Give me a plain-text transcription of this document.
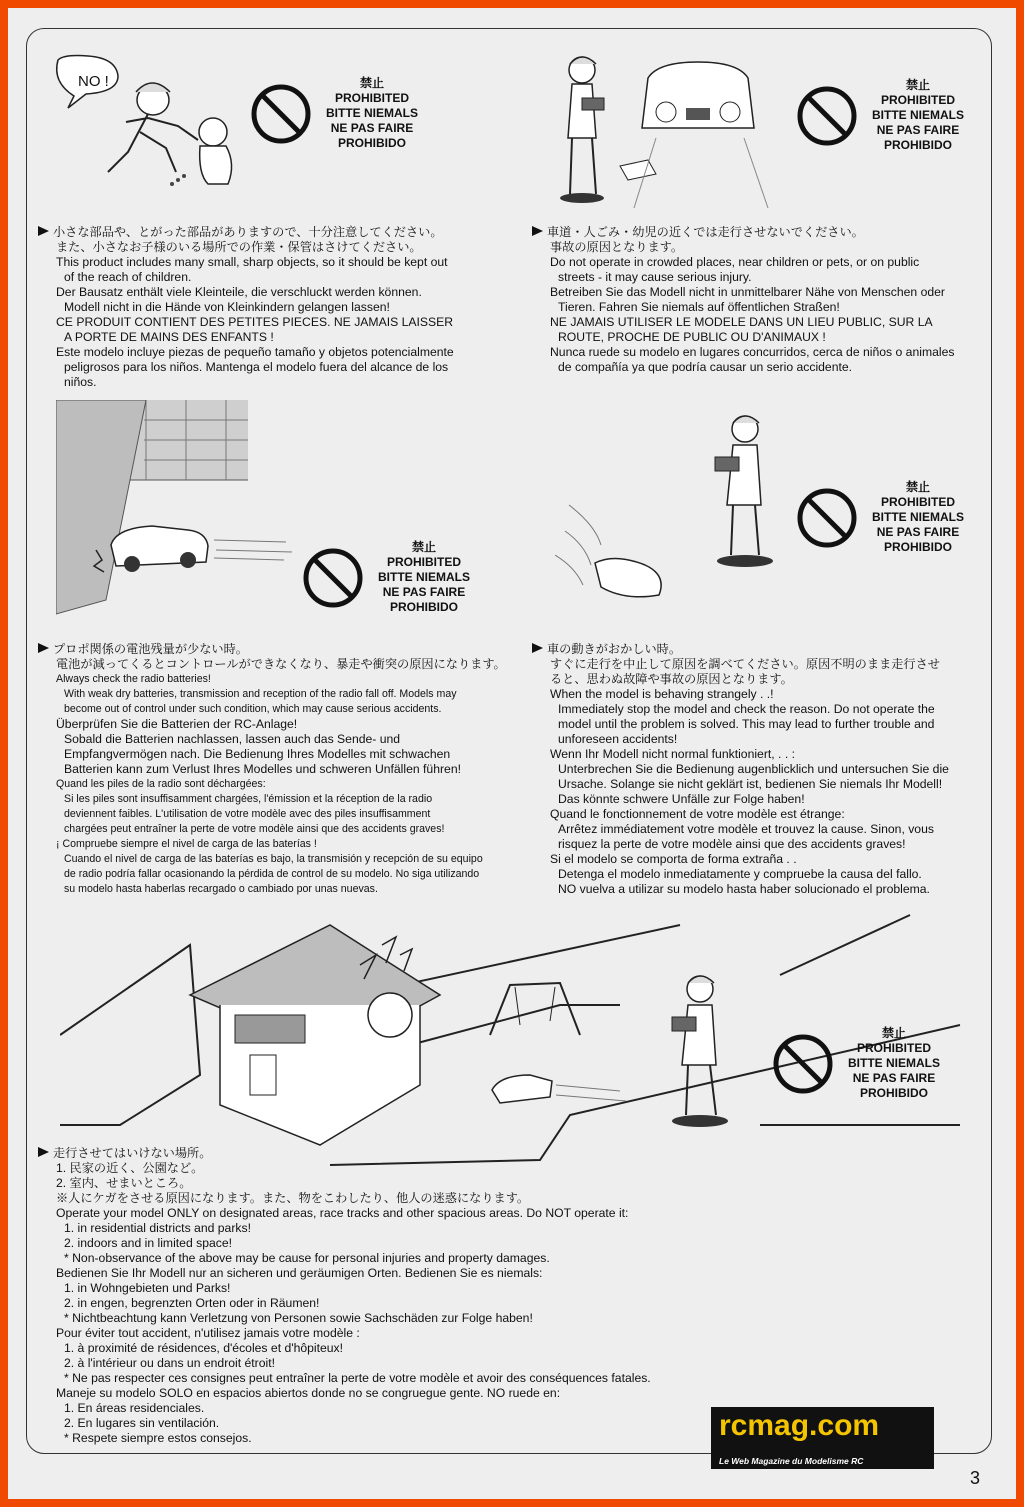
NO !	禁止
PROHIBITED
BITTE NIEMALS
NE PAS FAIRE
PROHIBIDO
禁止
PROHIBITED
BITTE NIEMALS
NE PAS FAIRE
PROHIBIDO

小さな部品や、とがった部品がありますので、十分注意してください。

また、小さなお子様のいる場所での作業・保管はさけてください。

This product includes many small, sharp objects, so it should be kept out

of the reach of children.

Der Bausatz enthält viele Kleinteile, die verschluckt werden können.

Modell nicht in die Hände von Kleinkindern gelangen lassen!

CE PRODUIT CONTIENT DES PETITES PIECES. NE JAMAIS LAISSER

A PORTE DE MAINS DES ENFANTS !

Este modelo incluye piezas de pequeño tamaño y objetos potencialmente

peligrosos para los niños. Mantenga el modelo fuera del alcance de los

niños.

車道・人ごみ・幼児の近くでは走行させないでください。

事故の原因となります。

Do not operate in crowded places, near children or pets, or on public

streets - it may cause serious injury.

Betreiben Sie das Modell nicht in unmittelbarer Nähe von Menschen oder

Tieren. Fahren Sie niemals auf öffentlichen Straßen!

NE JAMAIS UTILISER LE MODELE DANS UN LIEU PUBLIC, SUR LA

ROUTE, PROCHE DE PUBLIC OU D'ANIMAUX !

Nunca ruede su modelo en lugares concurridos, cerca de niños o animales

de compañía ya que podría causar un serio accidente.

禁止
PROHIBITED
BITTE NIEMALS
NE PAS FAIRE
PROHIBIDO
禁止
PROHIBITED
BITTE NIEMALS
NE PAS FAIRE
PROHIBIDO

プロポ関係の電池残量が少ない時。

電池が減ってくるとコントロールができなくなり、暴走や衝突の原因になります。

Always check the radio batteries!

With weak dry batteries, transmission and reception of the radio fall off. Models may

become out of control under such condition, which may cause serious accidents.

Überprüfen Sie die Batterien der RC-Anlage!

Sobald die Batterien nachlassen, lassen auch das Sende- und

Empfangvermögen nach. Die Bedienung Ihres Modelles mit schwachen

Batterien kann zum Verlust Ihres Modelles und schweren Unfällen führen!

Quand les piles de la radio sont déchargées:

Si les piles sont insuffisamment chargées, l'émission et la réception de la radio

deviennent faibles. L'utilisation de votre modèle avec des piles insuffisamment

chargées peut entraîner la perte de votre modèle ainsi que des accidents graves!

¡ Compruebe siempre el nivel de carga de las baterías !

Cuando el nivel de carga de las baterías es bajo, la transmisión y recepción de su equipo

de radio podría fallar ocasionando la pérdida de control de su modelo. No siga utilizando

su modelo hasta haberlas recargado o cambiado por unas nuevas.

車の動きがおかしい時。

すぐに走行を中止して原因を調べてください。原因不明のまま走行させ

ると、思わぬ故障や事故の原因となります。

When the model is behaving strangely . .!

Immediately stop the model and check the reason. Do not operate the

model until the problem is solved. This may lead to further trouble and

unforeseen accidents!

Wenn Ihr Modell nicht normal funktioniert, . . :

Unterbrechen Sie die Bedienung augenblicklich und untersuchen Sie die

Ursache. Solange sie nicht geklärt ist, bedienen Sie niemals Ihr Modell!

Das könnte schwere Unfälle zur Folge haben!

Quand le fonctionnement de votre modèle est étrange:

Arrêtez immédiatement votre modèle et trouvez la cause. Sinon, vous

risquez la perte de votre modèle ainsi que des accidents graves!

Si el modelo se comporta de forma extraña . .

Detenga el modelo inmediatamente y compruebe la causa del fallo.

NO vuelva a utilizar su modelo hasta haber solucionado el problema.

禁止
PROHIBITED
BITTE NIEMALS
NE PAS FAIRE
PROHIBIDO

走行させてはいけない場所。

1. 民家の近く、公園など。

2. 室内、せまいところ。

※人にケガをさせる原因になります。また、物をこわしたり、他人の迷惑になります。

Operate your model ONLY on designated areas, race tracks and other spacious areas. Do NOT operate it:

1. in residential districts and parks!

2. indoors and in limited space!

* Non-observance of the above may be cause for personal injuries and property damages.

Bedienen Sie Ihr Modell nur an sicheren und geräumigen Orten. Bedienen Sie es niemals:

1. in Wohngebieten und Parks!

2. in engen, begrenzten Orten oder in Räumen!

* Nichtbeachtung kann Verletzung von Personen sowie Sachschäden zur Folge haben!

Pour éviter tout accident, n'utilisez jamais votre modèle :

1. à proximité de résidences, d'écoles et d'hôpiteux!

2. à l'intérieur ou dans un endroit étroit!

* Ne pas respecter ces consignes peut entraîner la perte de votre modèle et avoir des conséquences fatales.

Maneje su modelo SOLO en espacios abiertos donde no se congruegue gente. NO ruede en:

1. En áreas residenciales.

2. En lugares sin ventilación.

* Respete siempre estos consejos.	rcmag.com
Le Web Magazine du Modelisme RC
3
